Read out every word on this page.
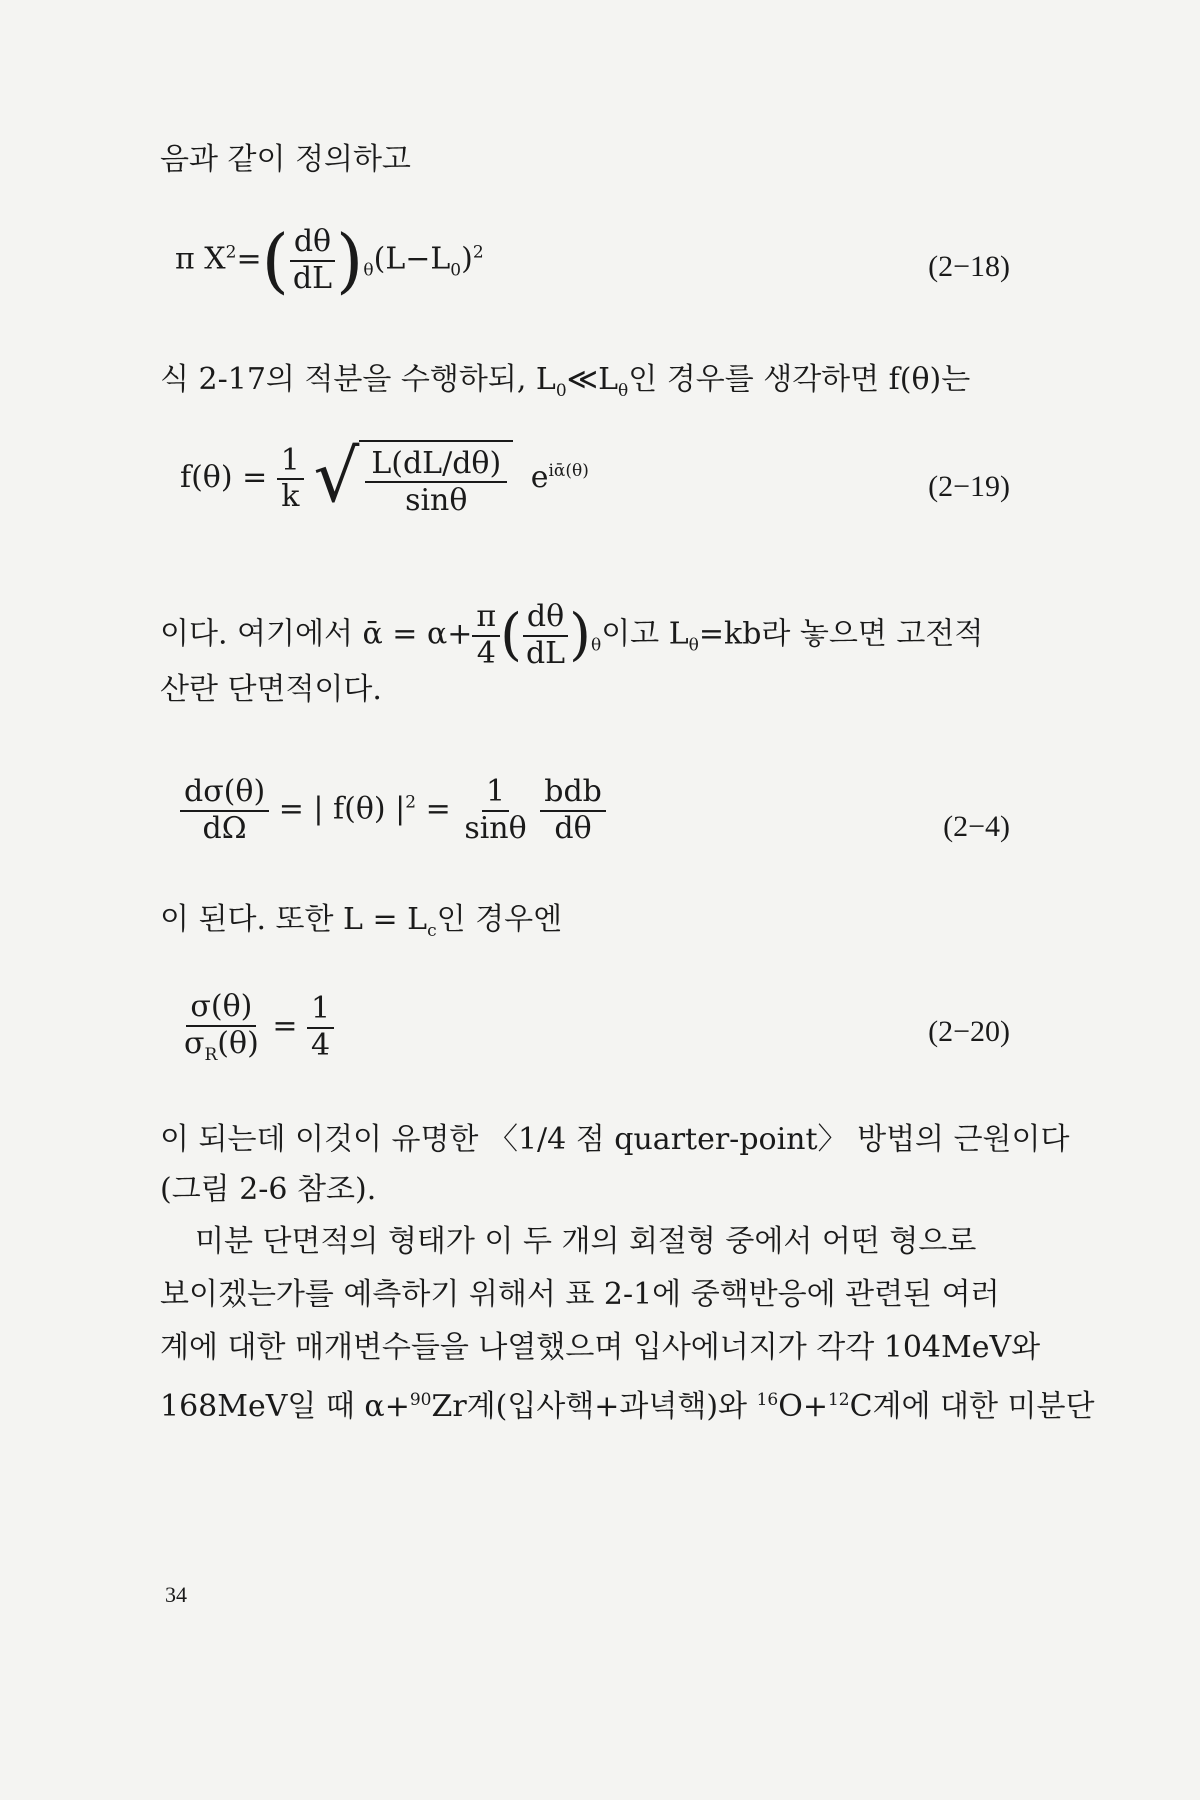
음과 같이 정의하고
π $X^2=( \frac{d\theta}{dL} )_\theta(L-L_0)^2$	(2−18)
식 2-17의 적분을 수행하되, $L_0≪L_\theta$인 경우를 생각하면 f(θ)는
$f(\theta) = \frac{1}{k}$
√ $\frac{L(dL/d\theta)}{\sin\theta} e^{iᾱ(\theta)}$	(2−19)
이다. 여기에서 ᾱ = $\alpha+ \frac{\pi}{4}$ ( $\frac{d\theta}{dL} )_\theta$이고 $L_\theta=kb$라 놓으면 고전적
산란 단면적이다.
$\frac{d\sigma(\theta)}{d\Omega}$ = | f(θ) $|^2 = \frac{1}{\sin\theta}$
$\frac{\text{bdb}}{d\theta}$	(2−4)
이 된다. 또한 $L = L_c$인 경우엔
$\frac{\sigma(\theta)}{\sigma_R(\theta)} = \frac{1}{4}$	(2−20)
이 되는데 이것이 유명한 〈1/4 점 quarter-point〉 방법의 근원이다
(그림 2-6 참조).
미분 단면적의 형태가 이 두 개의 회절형 중에서 어떤 형으로
보이겠는가를 예측하기 위해서 표 2-1에 중핵반응에 관련된 여러
계에 대한 매개변수들을 나열했으며 입사에너지가 각각 104MeV와
168MeV일 때 α+$^{90}$Zr계(입사핵+과녁핵)와 $^{16}$O+$^{12}$C계에 대한 미분단
34
